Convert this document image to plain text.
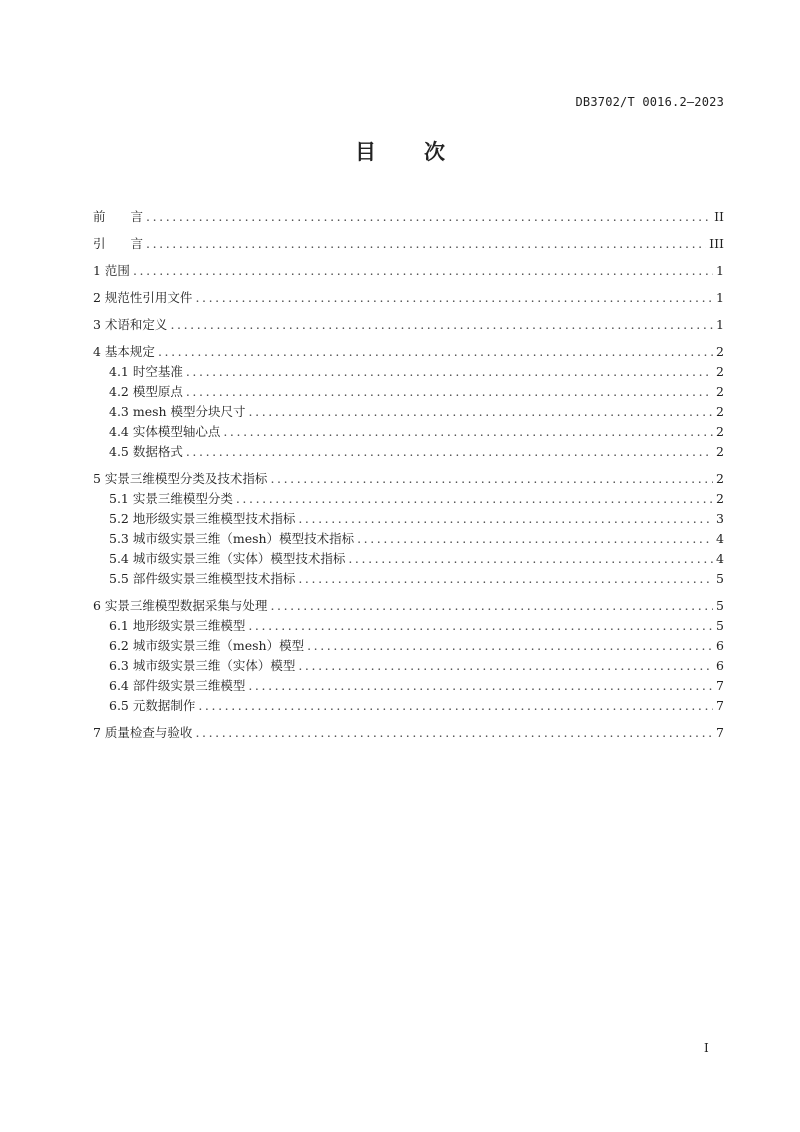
DB3702/T 0016.2—2023
目次
前　　言 .....	II
引　　言 .....	III
1 范围 .....	1
2 规范性引用文件 .....	1
3 术语和定义 .....	1
4 基本规定 .....	2
4.1 时空基准 .....	2
4.2 模型原点 .....	2
4.3 mesh 模型分块尺寸 .....	2
4.4 实体模型轴心点 .....	2
4.5 数据格式 .....	2
5 实景三维模型分类及技术指标 .....	2
5.1 实景三维模型分类 .....	2
5.2 地形级实景三维模型技术指标 .....	3
5.3 城市级实景三维（mesh）模型技术指标 .....	4
5.4 城市级实景三维（实体）模型技术指标 .....	4
5.5 部件级实景三维模型技术指标 .....	5
6 实景三维模型数据采集与处理 .....	5
6.1 地形级实景三维模型 .....	5
6.2 城市级实景三维（mesh）模型 .....	6
6.3 城市级实景三维（实体）模型 .....	6
6.4 部件级实景三维模型 .....	7
6.5 元数据制作 .....	7
7 质量检查与验收 .....	7
I
